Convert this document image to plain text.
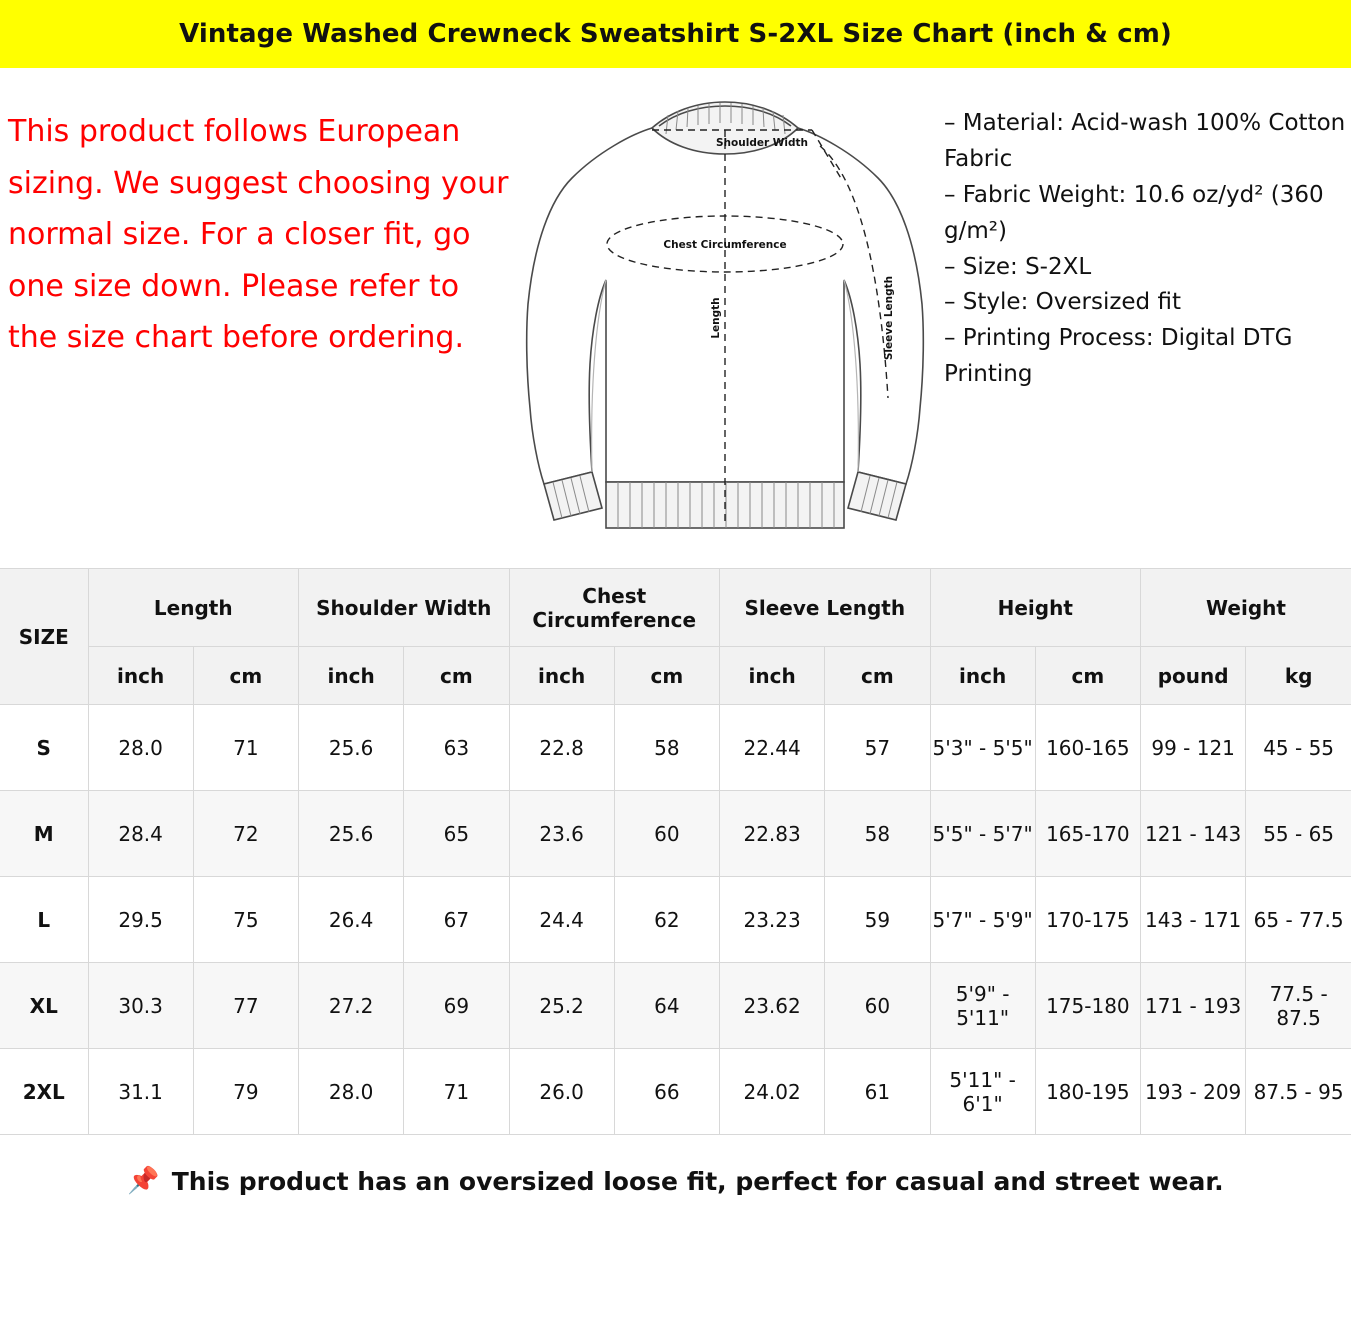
Vintage Washed Crewneck Sweatshirt S-2XL Size Chart (inch & cm)

This product follows European sizing. We suggest choosing your normal size. For a closer fit, go one size down. Please refer to the size chart before ordering.

Shoulder Width
Chest Circumference
Length	Sleeve Length
– Material: Acid-wash 100% Cotton Fabric
– Fabric Weight: 10.6 oz/yd² (360 g/m²)
– Size: S-2XL
– Style: Oversized fit
– Printing Process: Digital DTG Printing
SIZE	Length		Shoulder Width		Chest Circumference		Sleeve Length		Height		Weight	
	inch	cm	inch	cm	inch	cm	inch	cm	inch	cm	pound	kg
S	28.0	71	25.6	63	22.8	58	22.44	57	5'3" - 5'5"	160-165	99 - 121	45 - 55
M	28.4	72	25.6	65	23.6	60	22.83	58	5'5" - 5'7"	165-170	121 - 143	55 - 65
L	29.5	75	26.4	67	24.4	62	23.23	59	5'7" - 5'9"	170-175	143 - 171	65 - 77.5
XL	30.3	77	27.2	69	25.2	64	23.62	60	5'9" - 5'11"	175-180	171 - 193	77.5 - 87.5
2XL	31.1	79	28.0	71	26.0	66	24.02	61	5'11" - 6'1"	180-195	193 - 209	87.5 - 95
📌 This product has an oversized loose fit, perfect for casual and street wear.
